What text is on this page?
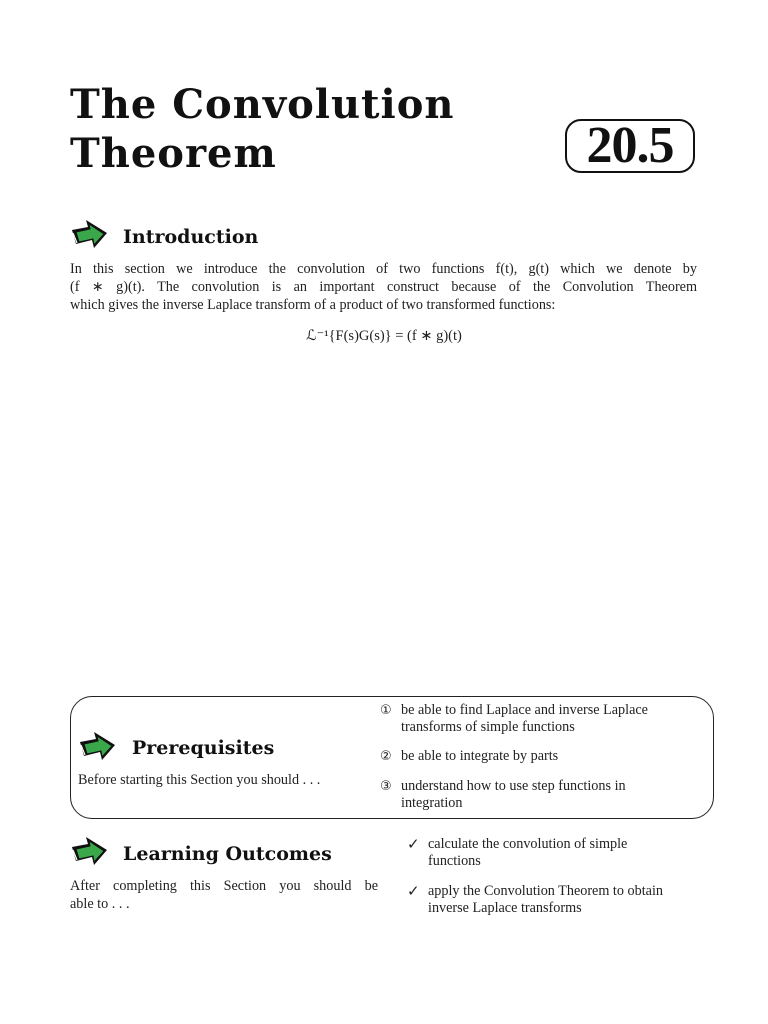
The Convolution
Theorem	20.5
Introduction
In this section we introduce the convolution of two functions f(t), g(t) which we denote by
(f ∗ g)(t). The convolution is an important construct because of the Convolution Theorem
which gives the inverse Laplace transform of a product of two transformed functions:
ℒ⁻¹{F(s)G(s)} = (f ∗ g)(t)
Prerequisites
Before starting this Section you should . . .
① be able to find Laplace and inverse Laplace
transforms of simple functions
② be able to integrate by parts
③ understand how to use step functions in
integration
Learning Outcomes
After completing this Section you should be
able to . . .
✓ calculate the convolution of simple
functions
✓ apply the Convolution Theorem to obtain
inverse Laplace transforms
